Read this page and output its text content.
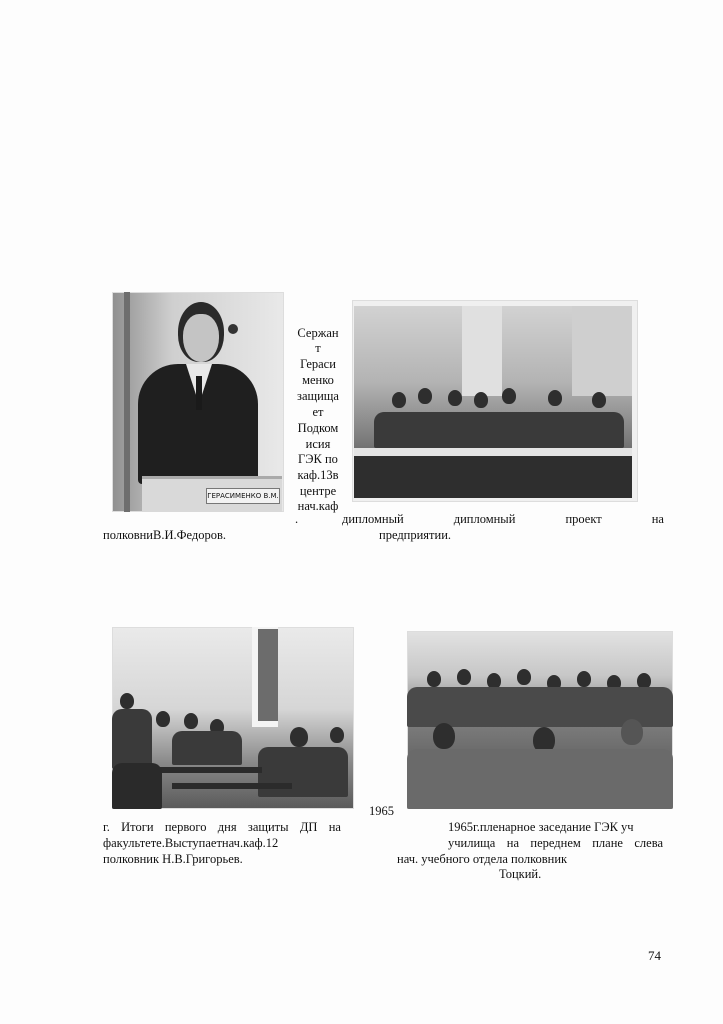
ГЕРАСИМЕНКО В.М.
Сержан
т
Гераси
менко
защища
ет
Подком
исия
ГЭК по
каф.13в
центре
нач.каф
.	дипломный	дипломный	проект	на
полковниВ.И.Федоров.	предприятии.
1965
г. Итоги первого дня защиты ДП на
факультете.Выступаетнач.каф.12
полковник Н.В.Григорьев.
1965г.пленарное заседание ГЭК уч
училища на переднем плане слева
нач. учебного отдела полковник
Тоцкий.
74
